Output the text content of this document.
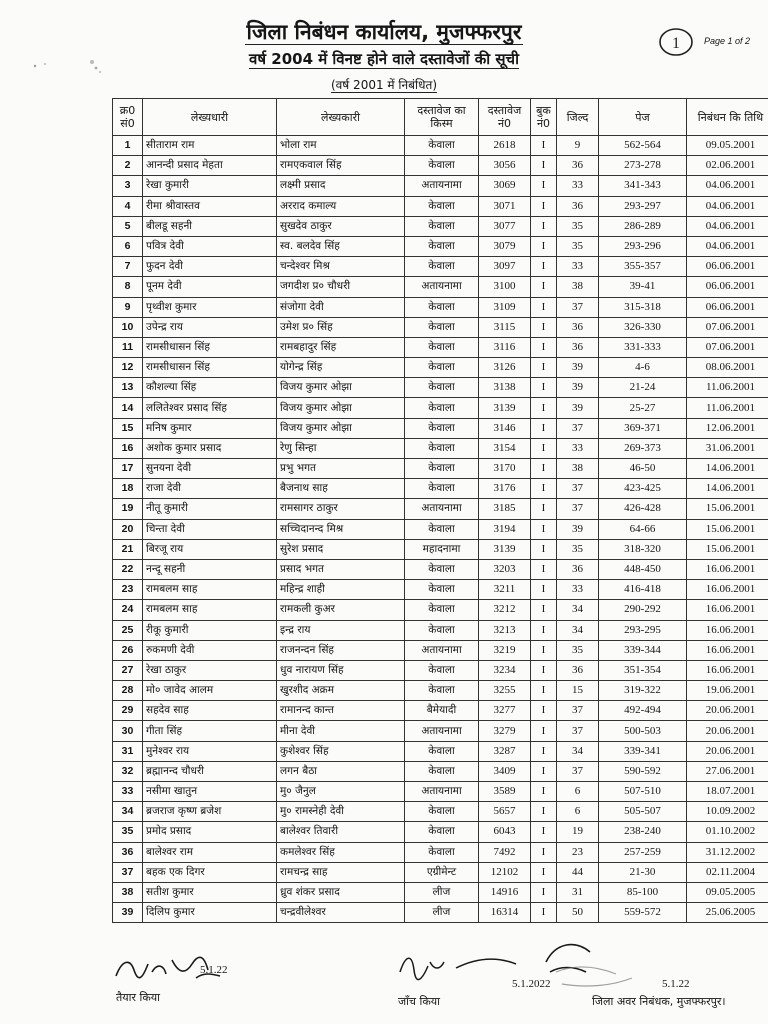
जिला निबंधन कार्यालय, मुजफ्फरपुर
वर्ष 2004 में विनष्ट होने वाले दस्तावेजों की सूची
(वर्ष 2001 में निबंधित)
1	Page 1 of 2
क्र0 सं0	लेख्यधारी	लेख्यकारी	दस्तावेज का किस्म	दस्तावेज नं0	बुक नं0	जिल्द	पेज	निबंधन कि तिथि
1	सीताराम राम	भोला राम	केवाला	2618	I	9	562-564	09.05.2001
2	आनन्दी प्रसाद मेहता	रामएकवाल सिंह	केवाला	3056	I	36	273-278	02.06.2001
3	रेखा कुमारी	लक्ष्मी प्रसाद	अतायनामा	3069	I	33	341-343	04.06.2001
4	रीमा श्रीवास्तव	अरराद कमाल्य	केवाला	3071	I	36	293-297	04.06.2001
5	बीलडू सहनी	सुखदेव ठाकुर	केवाला	3077	I	35	286-289	04.06.2001
6	पवित्र देवी	स्व. बलदेव सिंह	केवाला	3079	I	35	293-296	04.06.2001
7	फुदन देवी	चन्देश्वर मिश्र	केवाला	3097	I	33	355-357	06.06.2001
8	पूनम देवी	जगदीश प्र० चौधरी	अतायनामा	3100	I	38	39-41	06.06.2001
9	पृथ्वीश कुमार	संजोगा देवी	केवाला	3109	I	37	315-318	06.06.2001
10	उपेन्द्र राय	उमेश प्र० सिंह	केवाला	3115	I	36	326-330	07.06.2001
11	रामसीधासन सिंह	रामबहादुर सिंह	केवाला	3116	I	36	331-333	07.06.2001
12	रामसीधासन सिंह	योगेन्द्र सिंह	केवाला	3126	I	39	4-6	08.06.2001
13	कौशल्या सिंह	विजय कुमार ओझा	केवाला	3138	I	39	21-24	11.06.2001
14	ललितेश्वर प्रसाद सिंह	विजय कुमार ओझा	केवाला	3139	I	39	25-27	11.06.2001
15	मनिष कुमार	विजय कुमार ओझा	केवाला	3146	I	37	369-371	12.06.2001
16	अशोक कुमार प्रसाद	रेणु सिन्हा	केवाला	3154	I	33	269-373	31.06.2001
17	सुनयना देवी	प्रभु भगत	केवाला	3170	I	38	46-50	14.06.2001
18	राजा देवी	बैजनाथ साह	केवाला	3176	I	37	423-425	14.06.2001
19	नीतू कुमारी	रामसागर ठाकुर	अतायनामा	3185	I	37	426-428	15.06.2001
20	चिन्ता देवी	सच्चिदानन्द मिश्र	केवाला	3194	I	39	64-66	15.06.2001
21	बिरजू राय	सुरेश प्रसाद	महादनामा	3139	I	35	318-320	15.06.2001
22	नन्दू सहनी	प्रसाद भगत	केवाला	3203	I	36	448-450	16.06.2001
23	रामबलम साह	महिन्द्र शाही	केवाला	3211	I	33	416-418	16.06.2001
24	रामबलम साह	रामकली कुअर	केवाला	3212	I	34	290-292	16.06.2001
25	रीकू कुमारी	इन्द्र राय	केवाला	3213	I	34	293-295	16.06.2001
26	रुकमणी देवी	राजनन्दन सिंह	अतायनामा	3219	I	35	339-344	16.06.2001
27	रेखा ठाकुर	धुव नारायण सिंह	केवाला	3234	I	36	351-354	16.06.2001
28	मो० जावेद आलम	खुरशीद अक्रम	केवाला	3255	I	15	319-322	19.06.2001
29	सहदेव साह	रामानन्द कान्त	बैमेयादी	3277	I	37	492-494	20.06.2001
30	गीता सिंह	मीना देवी	अतायनामा	3279	I	37	500-503	20.06.2001
31	मुनेश्वर राय	कुशेश्वर सिंह	केवाला	3287	I	34	339-341	20.06.2001
32	ब्रह्मानन्द चौधरी	लगन बैठा	केवाला	3409	I	37	590-592	27.06.2001
33	नसीमा खातुन	मु० जैनुल	अतायनामा	3589	I	6	507-510	18.07.2001
34	ब्रजराज कृष्ण ब्रजेश	मु० रामस्नेही देवी	केवाला	5657	I	6	505-507	10.09.2002
35	प्रमोद प्रसाद	बालेश्वर तिवारी	केवाला	6043	I	19	238-240	01.10.2002
36	बालेश्वर राम	कमलेश्वर सिंह	केवाला	7492	I	23	257-259	31.12.2002
37	बहक एक दिगर	रामचन्द्र साह	एग्रीमेन्ट	12102	I	44	21-30	02.11.2004
38	सतीश कुमार	ध्रुव शंकर प्रसाद	लीज	14916	I	31	85-100	09.05.2005
39	दिलिप कुमार	चन्द्रवीलेश्वर	लीज	16314	I	50	559-572	25.06.2005
5.1.22
तैयार किया
5.1.2022
जाँच किया
5.1.22
जिला अवर निबंधक, मुजफ्फरपुर।
